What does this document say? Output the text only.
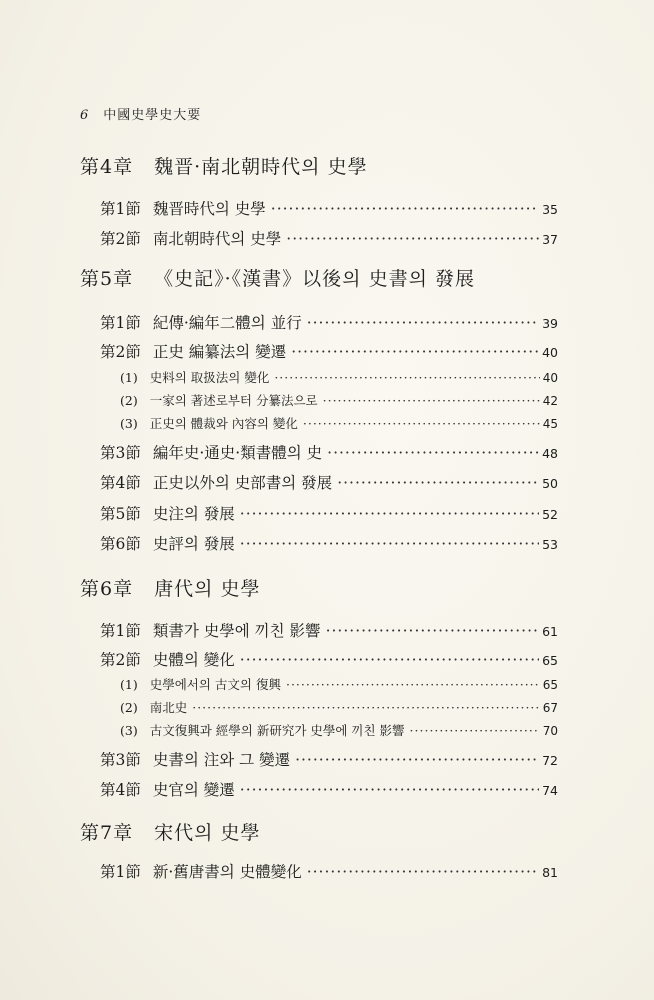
6 中國史學史大要
第4章 魏晋·南北朝時代의 史學
第1節 魏晋時代의 史學 ·····	35
第2節 南北朝時代의 史學 ·····	37
第5章 《史記》·《漢書》以後의 史書의 發展
第1節 紀傳·編年二體의 並行 ·····	39
第2節 正史 編纂法의 變遷 ·····	40
(1) 史料의 取扱法의 變化 ·····	40
(2) 一家의 著述로부터 分纂法으로 ·····	42
(3) 正史의 體裁와 內容의 變化 ·····	45
第3節 編年史·通史·類書體의 史 ·····	48
第4節 正史以外의 史部書의 發展 ·····	50
第5節 史注의 發展 ·····	52
第6節 史評의 發展 ·····	53
第6章 唐代의 史學
第1節 類書가 史學에 끼친 影響 ·····	61
第2節 史體의 變化 ·····	65
(1) 史學에서의 古文의 復興 ·····	65
(2) 南北史 ·····	67
(3) 古文復興과 經學의 新研究가 史學에 끼친 影響 ·····	70
第3節 史書의 注와 그 變遷 ·····	72
第4節 史官의 變遷 ·····	74
第7章 宋代의 史學
第1節 新·舊唐書의 史體變化 ·····	81
